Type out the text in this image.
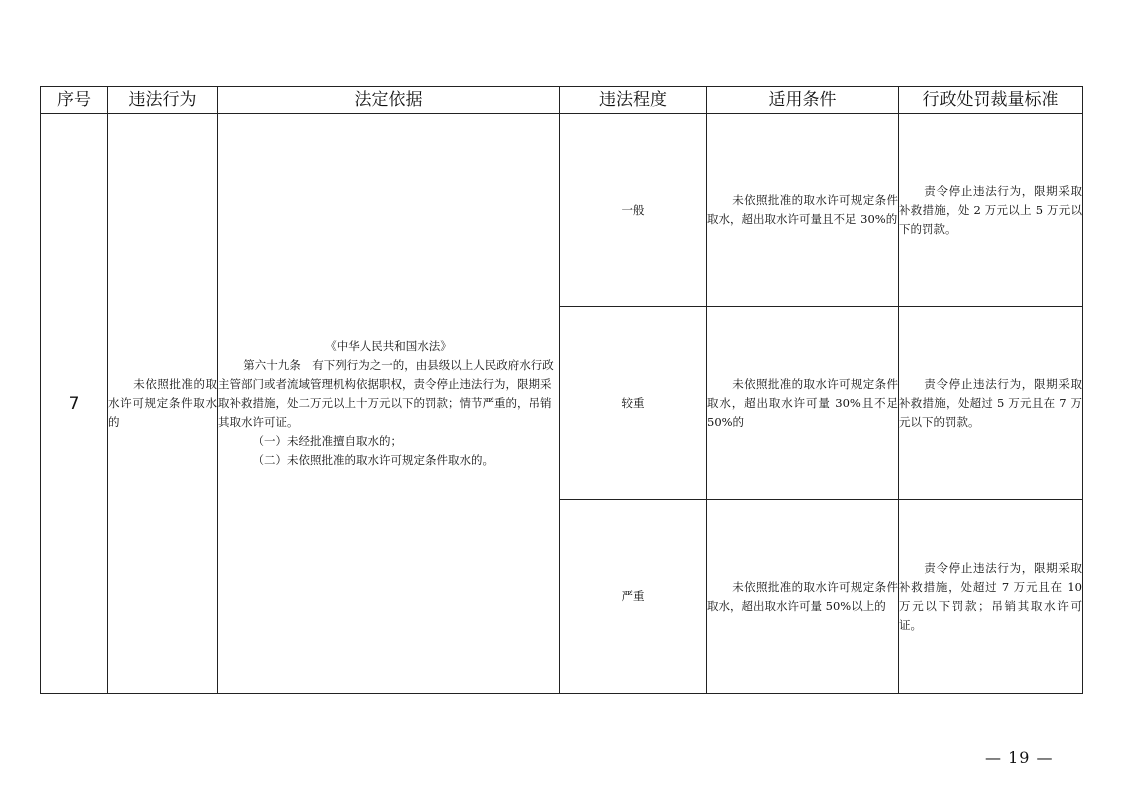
序号	违法行为	法定依据	违法程度	适用条件	行政处罚裁量标准
7	未依照批准的取水许可规定条件取水的	《中华人民共和国水法》
第六十九条　有下列行为之一的，由县级以上人民政府水行政主管部门或者流域管理机构依据职权，责令停止违法行为，限期采取补救措施，处二万元以上十万元以下的罚款；情节严重的，吊销其取水许可证。
（一）未经批准擅自取水的；
（二）未依照批准的取水许可规定条件取水的。	一般	未依照批准的取水许可规定条件取水，超出取水许可量且不足 30%的	责令停止违法行为，限期采取补救措施，处 2 万元以上 5 万元以下的罚款。

			较重	未依照批准的取水许可规定条件取水，超出取水许可量 30%且不足 50%的	责令停止违法行为，限期采取补救措施，处超过 5 万元且在 7 万元以下的罚款。

			严重	未依照批准的取水许可规定条件取水，超出取水许可量 50%以上的	责令停止违法行为，限期采取补救措施，处超过 7 万元且在 10 万元以下罚款；吊销其取水许可证。
— 19 —
